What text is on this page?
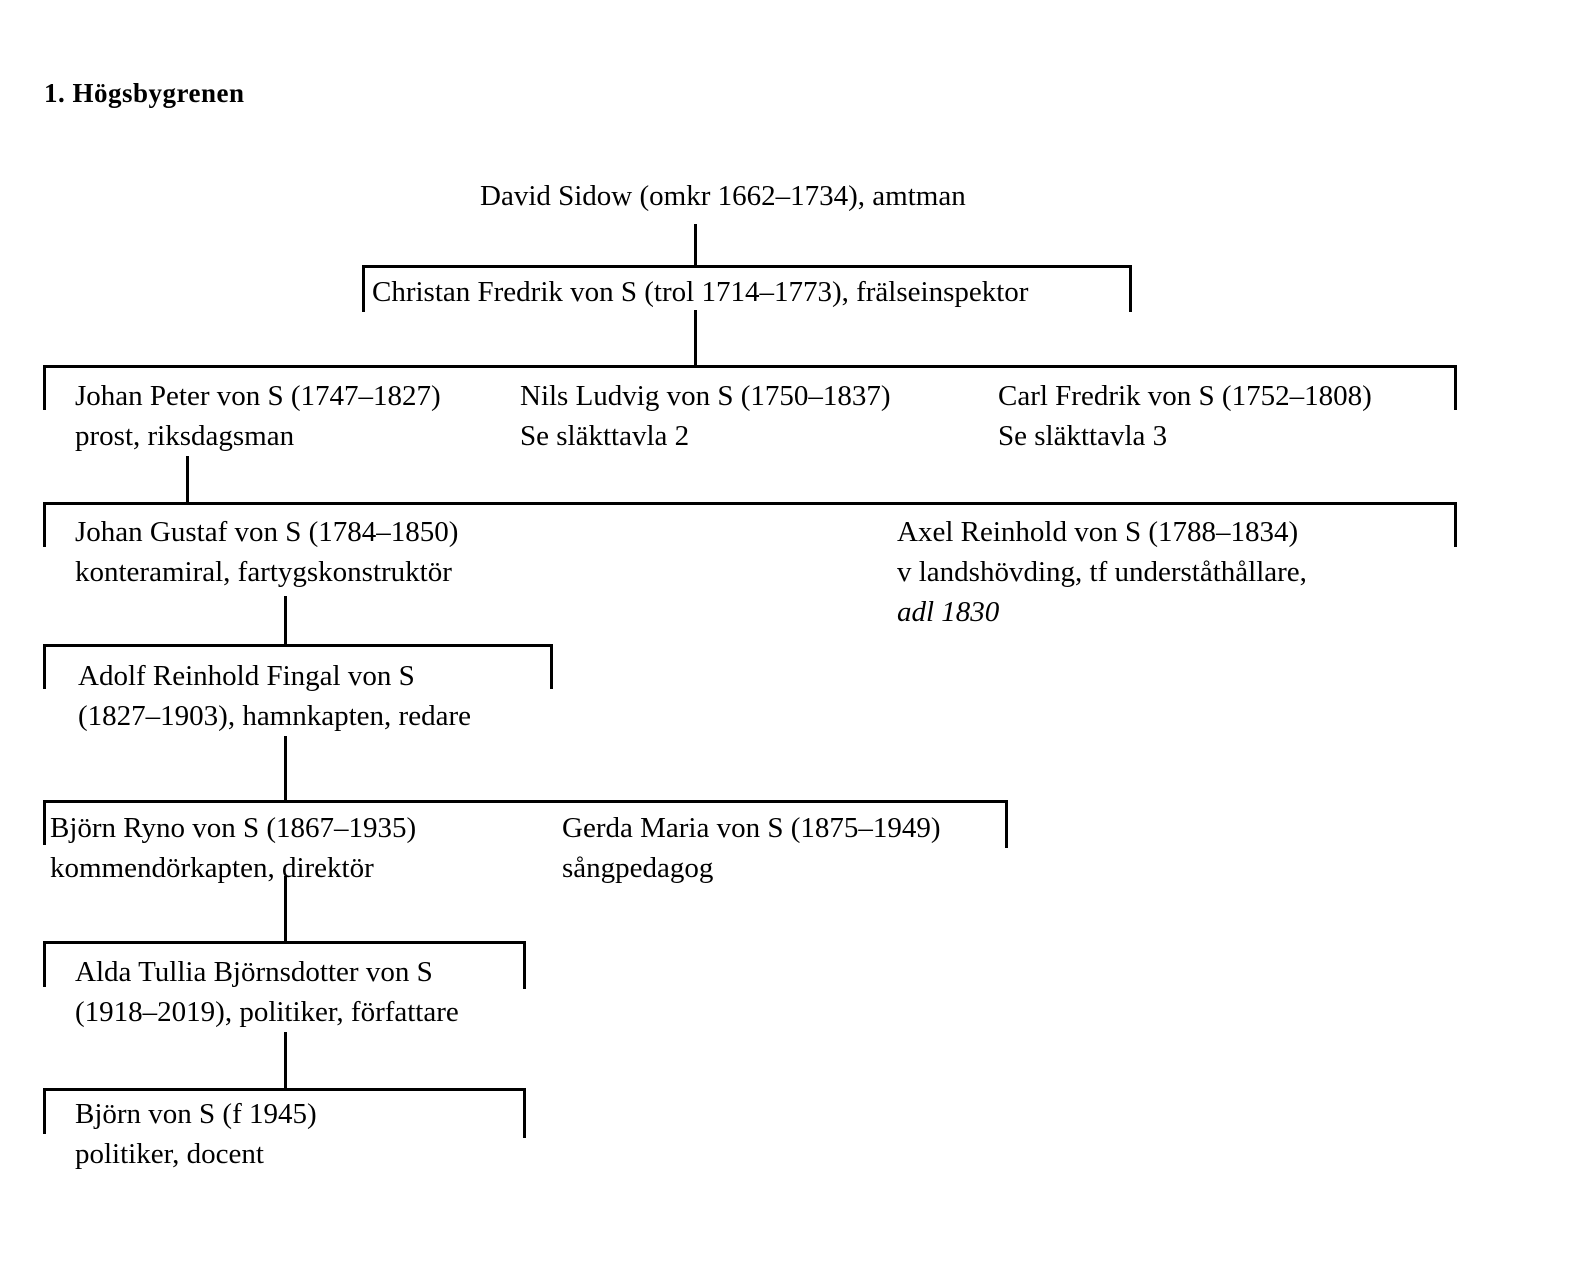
1. Högsbygrenen
David Sidow (omkr 1662–1734), amtman
Christan Fredrik von S (trol 1714–1773), frälseinspektor
Johan Peter von S (1747–1827)
prost, riksdagsman
Nils Ludvig von S (1750–1837)
Se släkttavla 2
Carl Fredrik von S (1752–1808)
Se släkttavla 3
Johan Gustaf von S (1784–1850)
konteramiral, fartygskonstruktör
Axel Reinhold von S (1788–1834)
v landshövding, tf underståthållare,
adl 1830
Adolf Reinhold Fingal von S
(1827–1903), hamnkapten, redare
Björn Ryno von S (1867–1935)
kommendörkapten, direktör
Gerda Maria von S (1875–1949)
sångpedagog
Alda Tullia Björnsdotter von S
(1918–2019), politiker, författare
Björn von S (f 1945)
politiker, docent
